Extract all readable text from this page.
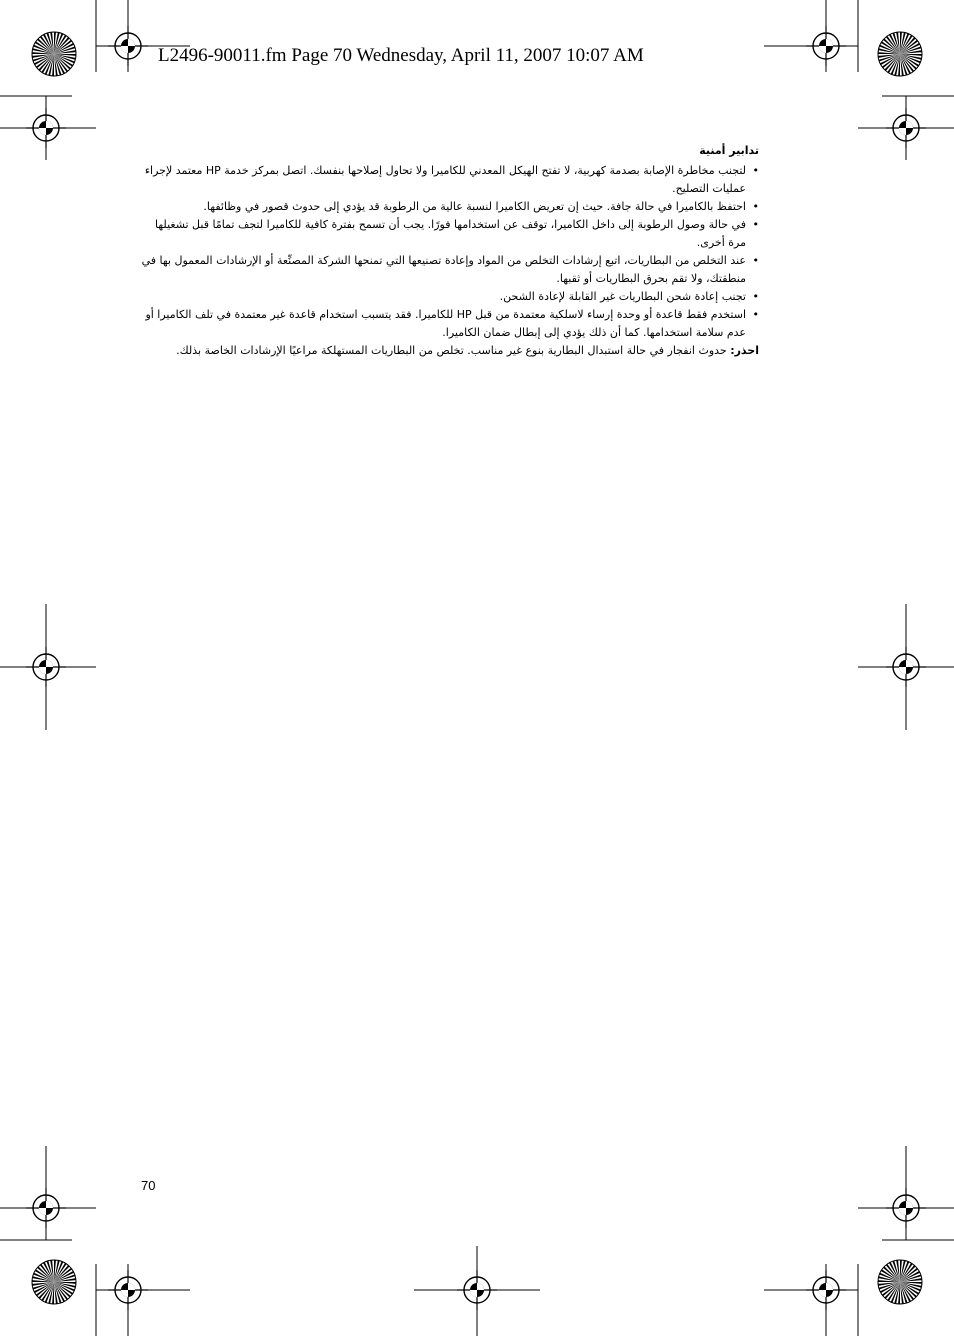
L2496-90011.fm Page 70 Wednesday, April 11, 2007 10:07 AM
تدابير أمنية
•
لتجنب مخاطرة الإصابة بصدمة كهربية، لا تفتح الهيكل المعدني للكاميرا ولا تحاول إصلاحها بنفسك. اتصل بمركز خدمة HP معتمد لإجراء عمليات التصليح.
•
احتفظ بالكاميرا في حالة جافة. حيث إن تعريض الكاميرا لنسبة عالية من الرطوبة قد يؤدي إلى حدوث قصور في وظائفها.
•
في حالة وصول الرطوبة إلى داخل الكاميرا، توقف عن استخدامها فورًا. يجب أن تسمح بفترة كافية للكاميرا لتجف تمامًا قبل تشغيلها مرة أخرى.
•
عند التخلص من البطاريات، اتبع إرشادات التخلص من المواد وإعادة تصنيعها التي تمنحها الشركة المصنِّعة أو الإرشادات المعمول بها في منطقتك، ولا تقم بحرق البطاريات أو ثقبها.
•
تجنب إعادة شحن البطاريات غير القابلة لإعادة الشحن.
•
استخدم فقط قاعدة أو وحدة إرساء لاسلكية معتمدة من قبل HP للكاميرا. فقد يتسبب استخدام قاعدة غير معتمدة في تلف الكاميرا أو عدم سلامة استخدامها. كما أن ذلك يؤدي إلى إبطال ضمان الكاميرا.
احذر: حدوث انفجار في حالة استبدال البطارية بنوع غير مناسب. تخلص من البطاريات المستهلكة مراعيًا الإرشادات الخاصة بذلك.
70
